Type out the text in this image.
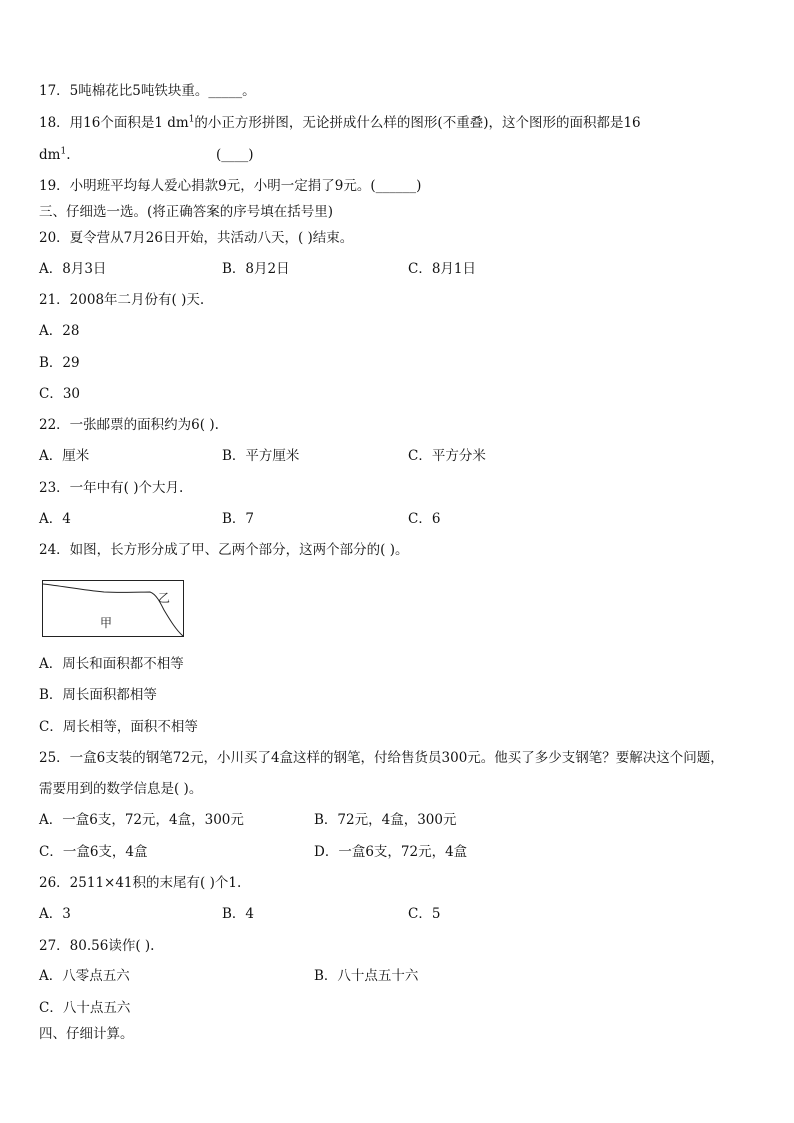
17．5吨棉花比5吨铁块重。_____。
18．用16个面积是1 $dm^1$的小正方形拼图，无论拼成什么样的图形(不重叠)，这个图形的面积都是16
$dm^1$.	(____)
19．小明班平均每人爱心捐款9元，小明一定捐了9元。(______)
三、仔细选一选。(将正确答案的序号填在括号里)
20．夏令营从7月26日开始，共活动八天，( )结束。
A．8月3日	B．8月2日	C．8月1日
21．2008年二月份有( )天.
A．28
B．29
C．30
22．一张邮票的面积约为6( ).
A．厘米	B．平方厘米	C．平方分米
23．一年中有( )个大月.
A．4	B．7	C．6
24．如图，长方形分成了甲、乙两个部分，这两个部分的( )。
甲
乙
A．周长和面积都不相等
B．周长面积都相等
C．周长相等，面积不相等
25．一盒6支装的钢笔72元，小川买了4盒这样的钢笔，付给售货员300元。他买了多少支钢笔？要解决这个问题，
需要用到的数学信息是( )。
A．一盒6支，72元，4盒，300元	B．72元，4盒，300元
C．一盒6支，4盒	D．一盒6支，72元，4盒
26．2511×41积的末尾有( )个1.
A．3	B．4	C．5
27．80.56读作( ).
A．八零点五六	B．八十点五十六
C．八十点五六
四、仔细计算。
